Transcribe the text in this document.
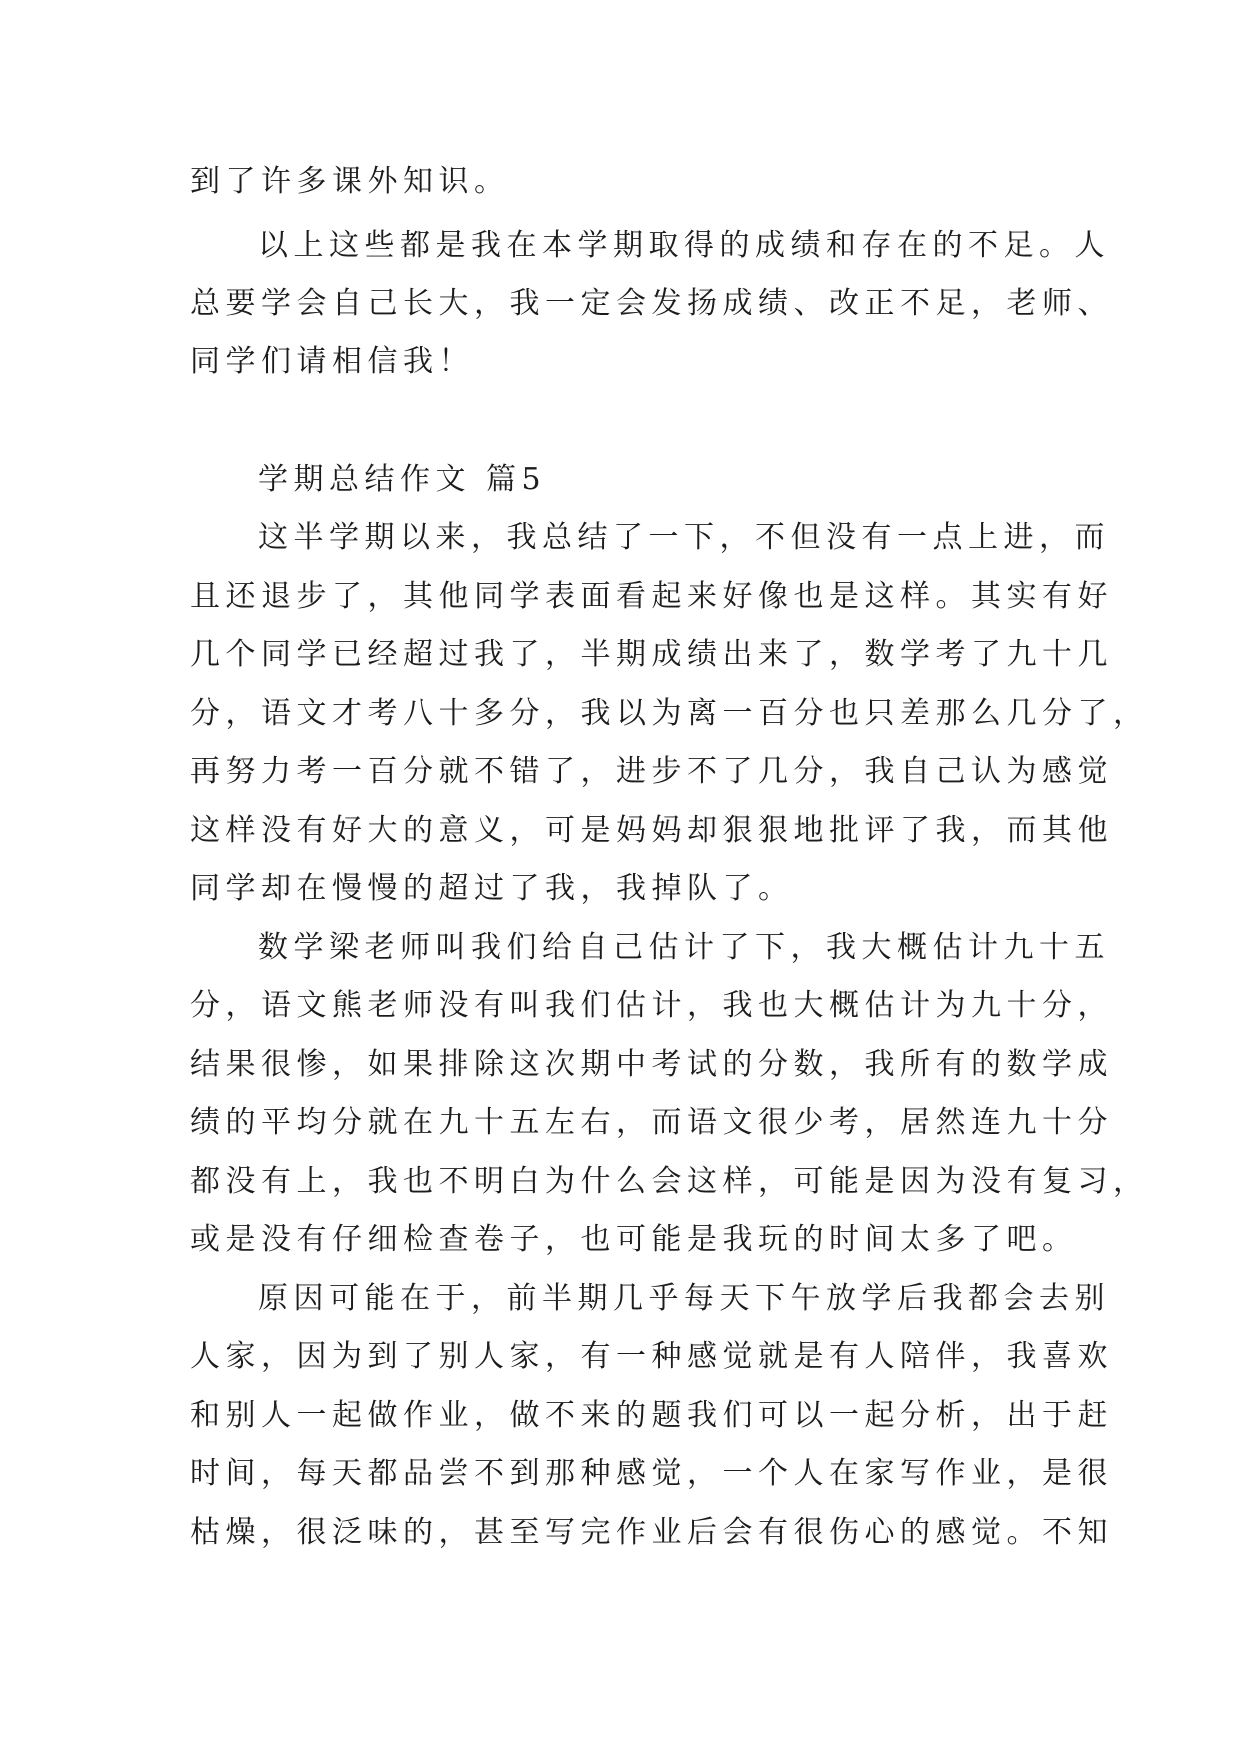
到了许多课外知识。
以上这些都是我在本学期取得的成绩和存在的不足。人
总要学会自己长大，我一定会发扬成绩、改正不足，老师、
同学们请相信我！
学期总结作文 篇5
这半学期以来，我总结了一下，不但没有一点上进，而
且还退步了，其他同学表面看起来好像也是这样。其实有好
几个同学已经超过我了，半期成绩出来了，数学考了九十几
分，语文才考八十多分，我以为离一百分也只差那么几分了，
再努力考一百分就不错了，进步不了几分，我自己认为感觉
这样没有好大的意义，可是妈妈却狠狠地批评了我，而其他
同学却在慢慢的超过了我，我掉队了。
数学梁老师叫我们给自己估计了下，我大概估计九十五
分，语文熊老师没有叫我们估计，我也大概估计为九十分，
结果很惨，如果排除这次期中考试的分数，我所有的数学成
绩的平均分就在九十五左右，而语文很少考，居然连九十分
都没有上，我也不明白为什么会这样，可能是因为没有复习，
或是没有仔细检查卷子，也可能是我玩的时间太多了吧。
原因可能在于，前半期几乎每天下午放学后我都会去别
人家，因为到了别人家，有一种感觉就是有人陪伴，我喜欢
和别人一起做作业，做不来的题我们可以一起分析，出于赶
时间，每天都品尝不到那种感觉，一个人在家写作业，是很
枯燥，很泛味的，甚至写完作业后会有很伤心的感觉。不知
